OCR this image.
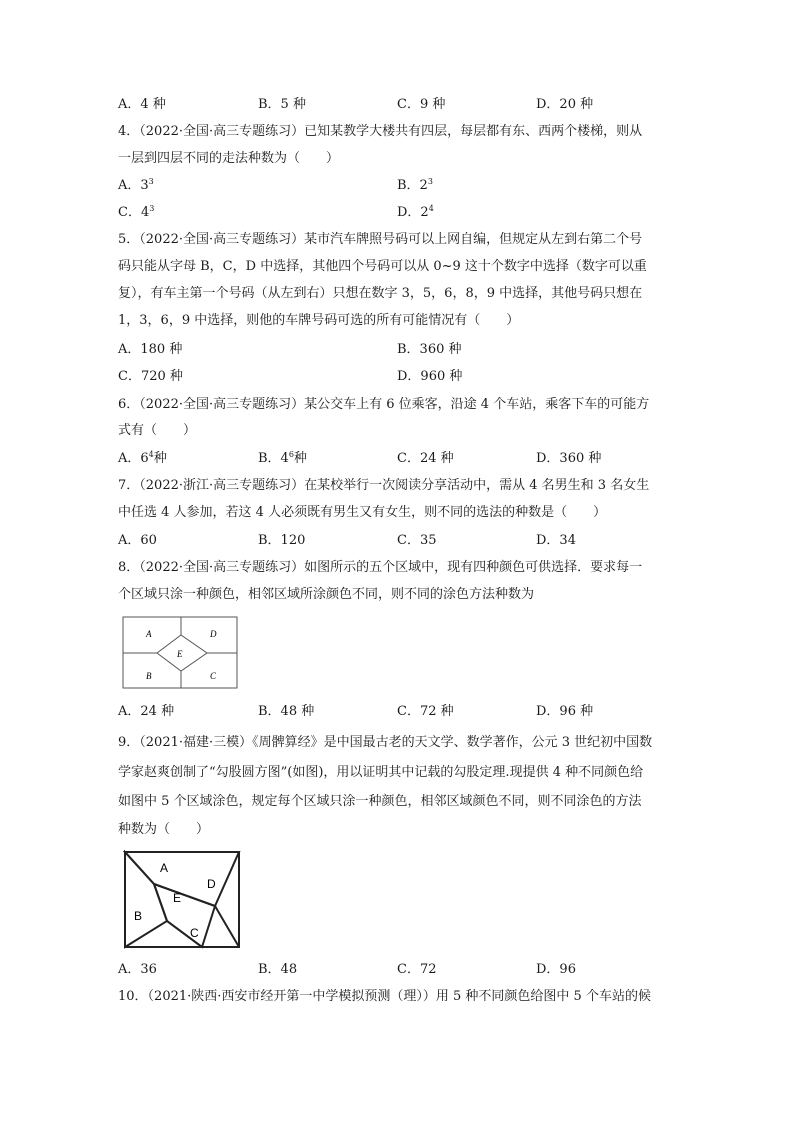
A．4 种	B．5 种	C．9 种	D．20 种
4．（2022·全国·高三专题练习）已知某教学大楼共有四层，每层都有东、西两个楼梯，则从
一层到四层不同的走法种数为（　　）
A．$3^3$	B．$2^3$
C．$4^3$	D．$2^4$
5．（2022·全国·高三专题练习）某市汽车牌照号码可以上网自编，但规定从左到右第二个号
码只能从字母 B，C，D 中选择，其他四个号码可以从 0~9 这十个数字中选择（数字可以重
复），有车主第一个号码（从左到右）只想在数字 3，5，6，8，9 中选择，其他号码只想在
1，3，6，9 中选择，则他的车牌号码可选的所有可能情况有（　　）
A．180 种	B．360 种
C．720 种	D．960 种
6．（2022·全国·高三专题练习）某公交车上有 6 位乘客，沿途 4 个车站，乘客下车的可能方
式有（　　）
A．$6^4$种	B．$4^6$种	C．24 种	D．360 种
7．（2022·浙江·高三专题练习）在某校举行一次阅读分享活动中，需从 4 名男生和 3 名女生
中任选 4 人参加，若这 4 人必须既有男生又有女生，则不同的选法的种数是（　　）
A．60	B．120	C．35	D．34
8．（2022·全国·高三专题练习）如图所示的五个区域中，现有四种颜色可供选择．要求每一
个区域只涂一种颜色，相邻区域所涂颜色不同，则不同的涂色方法种数为
A	D
E
B	C
A．24 种	B．48 种	C．72 种	D．96 种
9．（2021·福建·三模）《周髀算经》是中国最古老的天文学、数学著作，公元 3 世纪初中国数
学家赵爽创制了“勾股圆方图”(如图)，用以证明其中记载的勾股定理.现提供 4 种不同颜色给
如图中 5 个区域涂色，规定每个区域只涂一种颜色，相邻区域颜色不同，则不同涂色的方法
种数为（　　）
A
D
E
B
C
A．36	B．48	C．72	D．96
10．（2021·陕西·西安市经开第一中学模拟预测（理））用 5 种不同颜色给图中 5 个车站的候
